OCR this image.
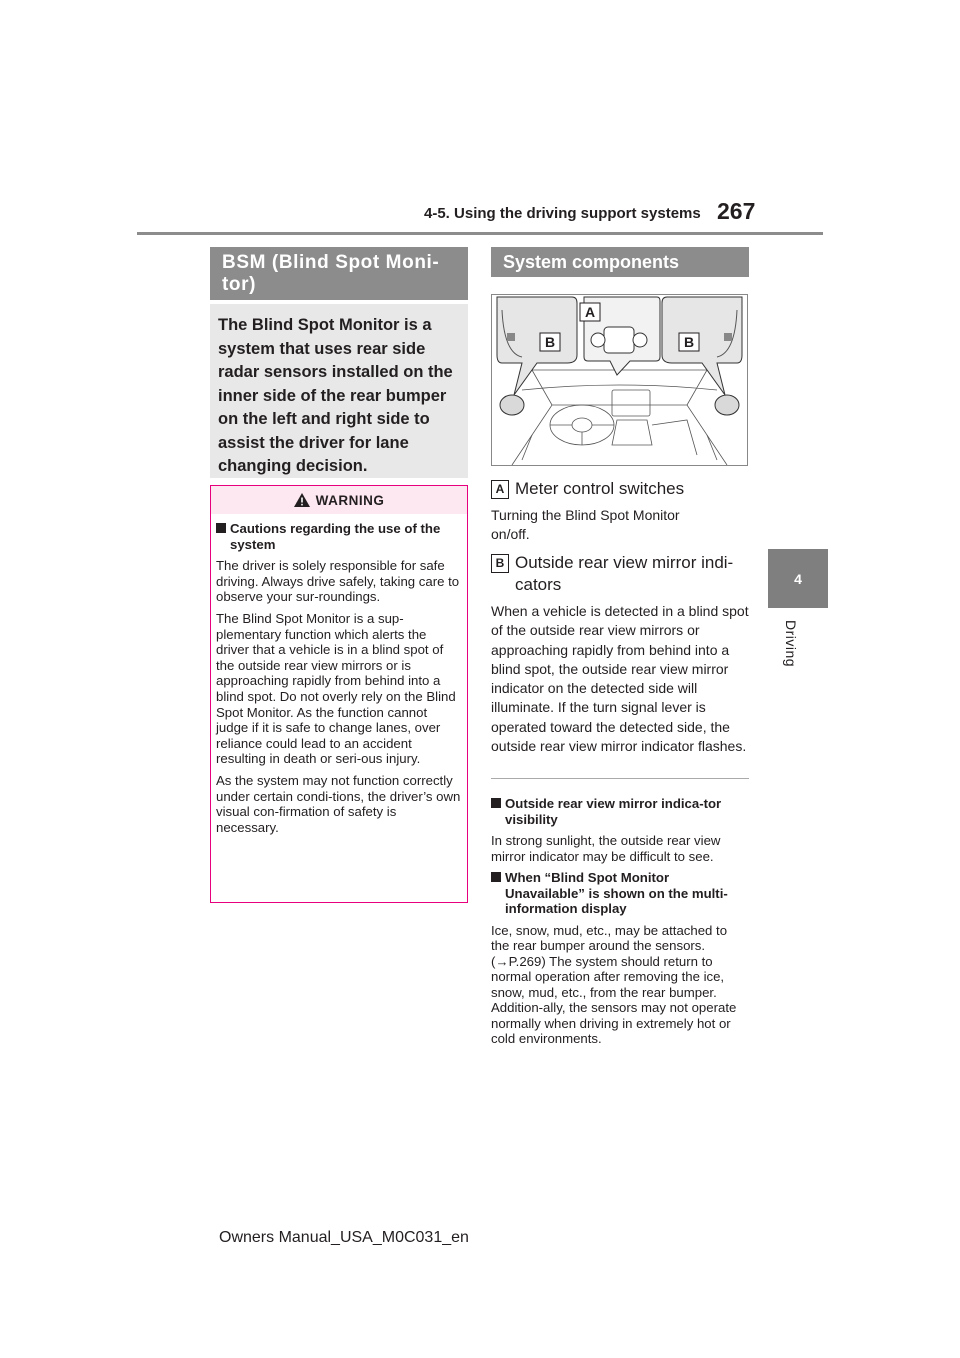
4-5. Using the driving support systems 267
4
Driving
BSM (Blind Spot Moni-
tor)
The Blind Spot Monitor is a system that uses rear side radar sensors installed on the inner side of the rear bumper on the left and right side to assist the driver for lane changing decision.
WARNING

Cautions regarding the use of the system

The driver is solely responsible for safe driving. Always drive safely, taking care to observe your sur-roundings.

The Blind Spot Monitor is a sup-plementary function which alerts the driver that a vehicle is in a blind spot of the outside rear view mirrors or is approaching rapidly from behind into a blind spot. Do not overly rely on the Blind Spot Monitor. As the function cannot judge if it is safe to change lanes, over reliance could lead to an accident resulting in death or seri-ous injury.

As the system may not function correctly under certain condi-tions, the driver’s own visual con-firmation of safety is necessary.

System components
B	B
A
A Meter control switches
Turning the Blind Spot Monitor on/off.
B Outside rear view mirror indi-
cators
When a vehicle is detected in a blind spot of the outside rear view mirrors or approaching rapidly from behind into a blind spot, the outside rear view mirror indicator on the detected side will illuminate. If the turn signal lever is operated toward the detected side, the outside rear view mirror indicator flashes.

Outside rear view mirror indica-tor visibility

In strong sunlight, the outside rear view mirror indicator may be difficult to see.

When “Blind Spot Monitor Unavailable” is shown on the multi-information display

Ice, snow, mud, etc., may be attached to the rear bumper around the sensors. (→P.269) The system should return to normal operation after removing the ice, snow, mud, etc., from the rear bumper. Addition-ally, the sensors may not operate normally when driving in extremely hot or cold environments.

Owners Manual_USA_M0C031_en
